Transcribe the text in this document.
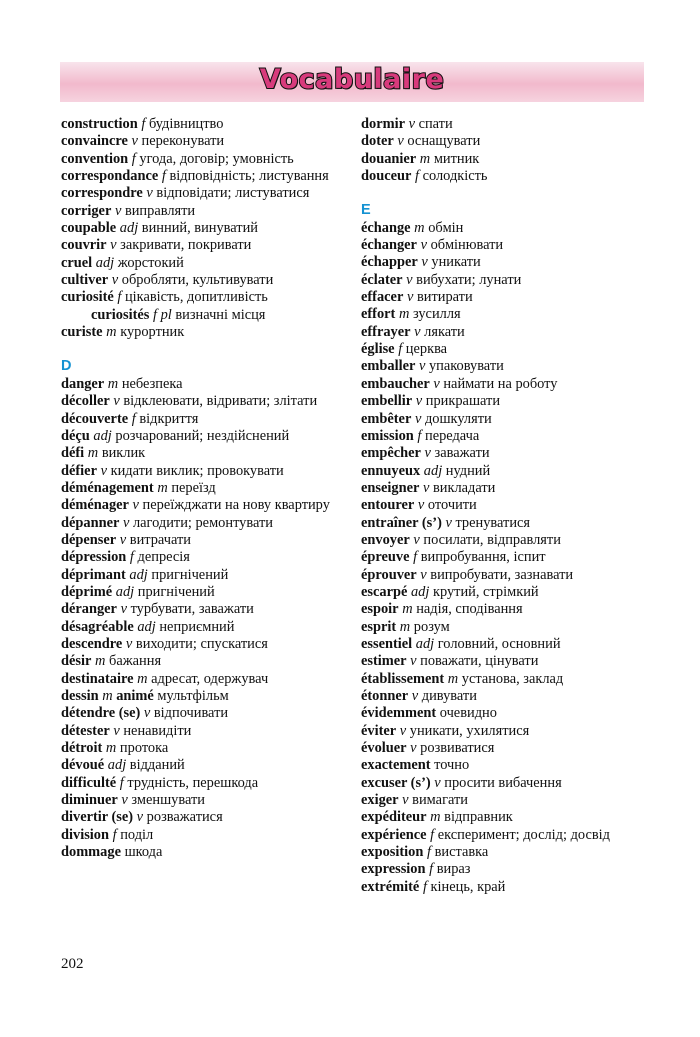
Vocabulaire
construction f будівництво
convaincre v переконувати
convention f угода, договір; умовність
correspondance f відповідність; листування
correspondre v відповідати; листуватися
corriger v виправляти
coupable adj винний, винуватий
couvrir v закривати, покривати
cruel adj жорстокий
cultiver v обробляти, культивувати
curiosité f цікавість, допитливість
curiosités f pl визначні місця
curiste m курортник
D
danger m небезпека
décoller v відклеювати, відривати; злітати
découverte f відкриття
déçu adj розчарований; нездійснений
défi m виклик
défier v кидати виклик; провокувати
déménagement m переїзд
déménager v переїжджати на нову квартиру
dépanner v лагодити; ремонтувати
dépenser v витрачати
dépression f депресія
déprimant adj пригнічений
déprimé adj пригнічений
déranger v турбувати, заважати
désagréable adj неприємний
descendre v виходити; спускатися
désir m бажання
destinataire m адресат, одержувач
dessin m animé мультфільм
détendre (se) v відпочивати
détester v ненавидіти
détroit m протока
dévoué adj відданий
difficulté f трудність, перешкода
diminuer v зменшувати
divertir (se) v розважатися
division f поділ
dommage шкода
dormir v спати
doter v оснащувати
douanier m митник
douceur f солодкість
E
échange m обмін
échanger v обмінювати
échapper v уникати
éclater v вибухати; лунати
effacer v витирати
effort m зусилля
effrayer v лякати
église f церква
emballer v упаковувати
embaucher v наймати на роботу
embellir v прикрашати
embêter v дошкуляти
emission f передача
empêcher v заважати
ennuyeux adj нудний
enseigner v викладати
entourer v оточити
entraîner (s’) v тренуватися
envoyer v посилати, відправляти
épreuve f випробування, іспит
éprouver v випробувати, зазнавати
escarpé adj крутий, стрімкий
espoir m надія, сподівання
esprit m розум
essentiel adj головний, основний
estimer v поважати, цінувати
établissement m установа, заклад
étonner v дивувати
évidemment очевидно
éviter v уникати, ухилятися
évoluer v розвиватися
exactement точно
excuser (s’) v просити вибачення
exiger v вимагати
expéditeur m відправник
expérience f експеримент; дослід; досвід
exposition f виставка
expression f вираз
extrémité f кінець, край
202
